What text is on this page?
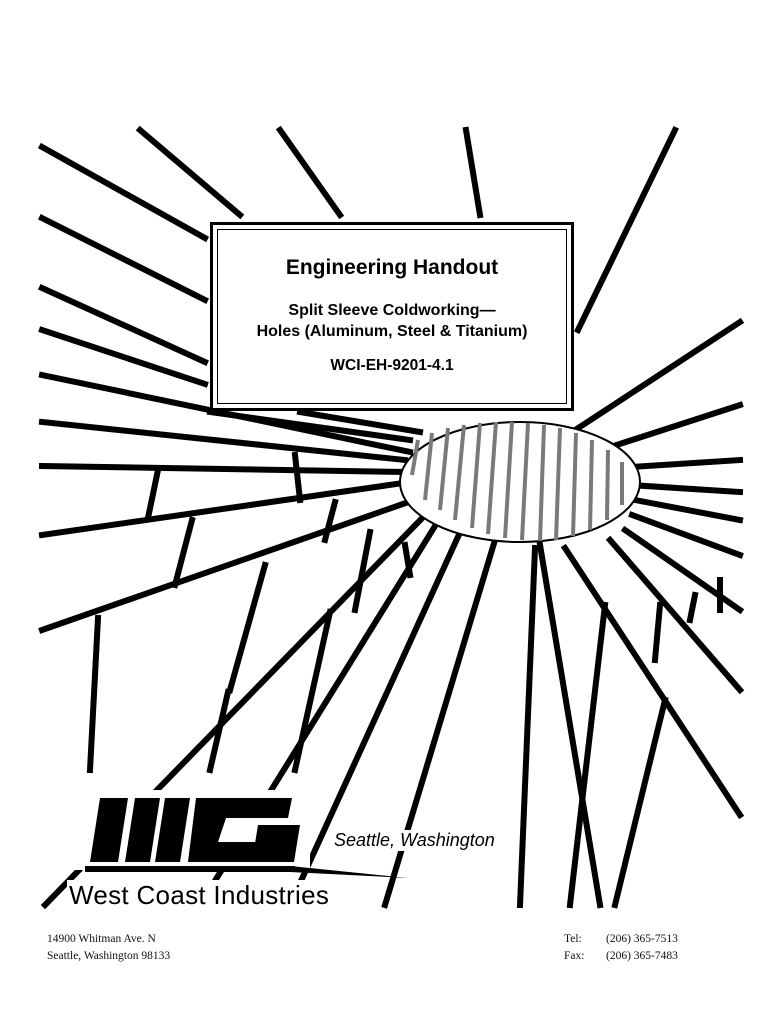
WCI
Engineering Handout
Split Sleeve Coldworking—
Holes (Aluminum, Steel & Titanium)
WCI-EH-9201-4.1
Seattle, Washington
West Coast Industries
14900 Whitman Ave. N
Seattle, Washington 98133
Tel: (206) 365-7513
Fax: (206) 365-7483
